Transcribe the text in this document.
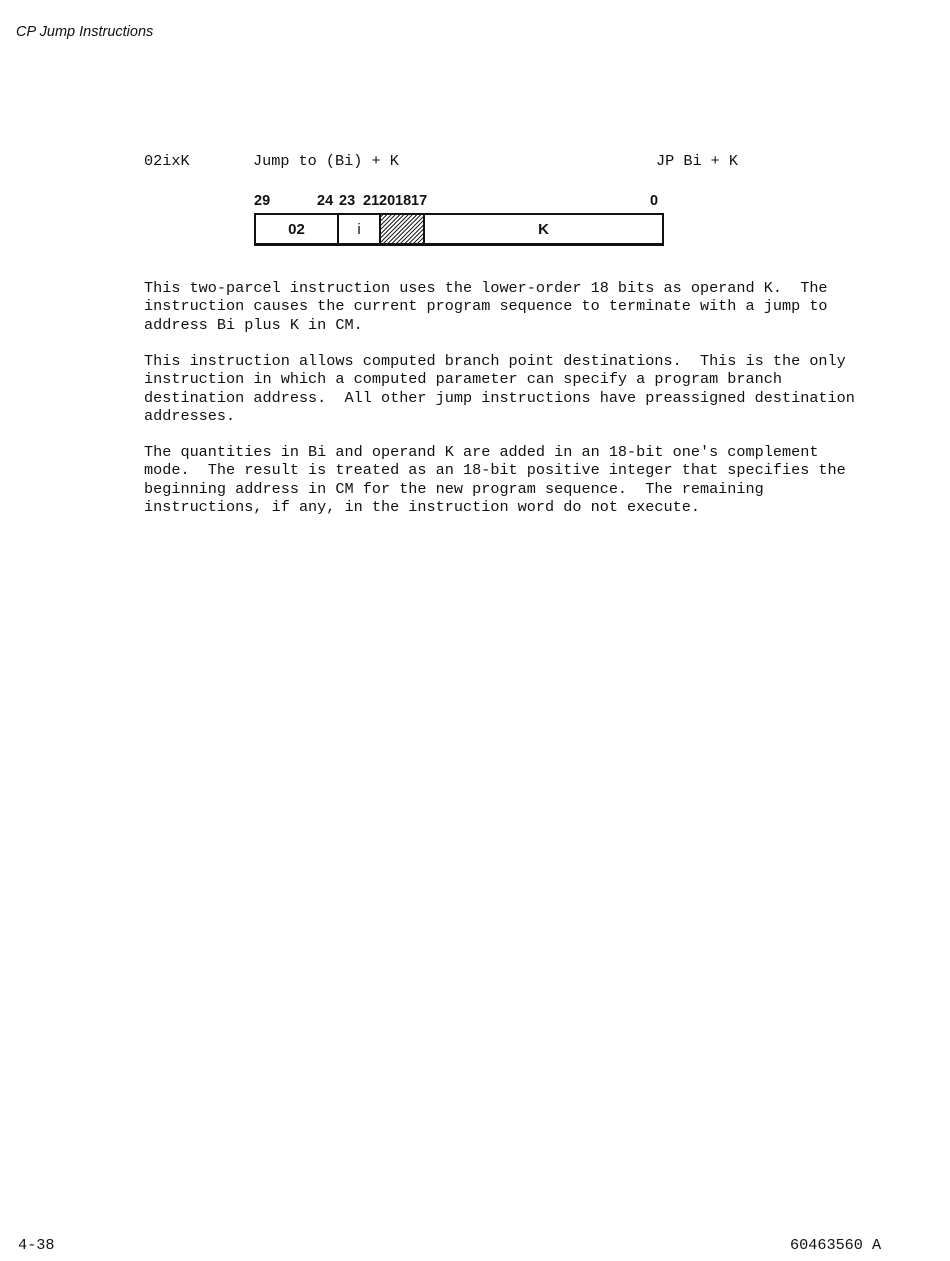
CP Jump Instructions
02ixK	Jump to (Bi) + K	JP Bi + K
29	24 23 21 20 18 17	0
02	i	K

This two-parcel instruction uses the lower-order 18 bits as operand K.  The
instruction causes the current program sequence to terminate with a jump to
address Bi plus K in CM.

This instruction allows computed branch point destinations.  This is the only
instruction in which a computed parameter can specify a program branch
destination address.  All other jump instructions have preassigned destination
addresses.

The quantities in Bi and operand K are added in an 18-bit one's complement
mode.  The result is treated as an 18-bit positive integer that specifies the
beginning address in CM for the new program sequence.  The remaining
instructions, if any, in the instruction word do not execute.

4-38	60463560 A
